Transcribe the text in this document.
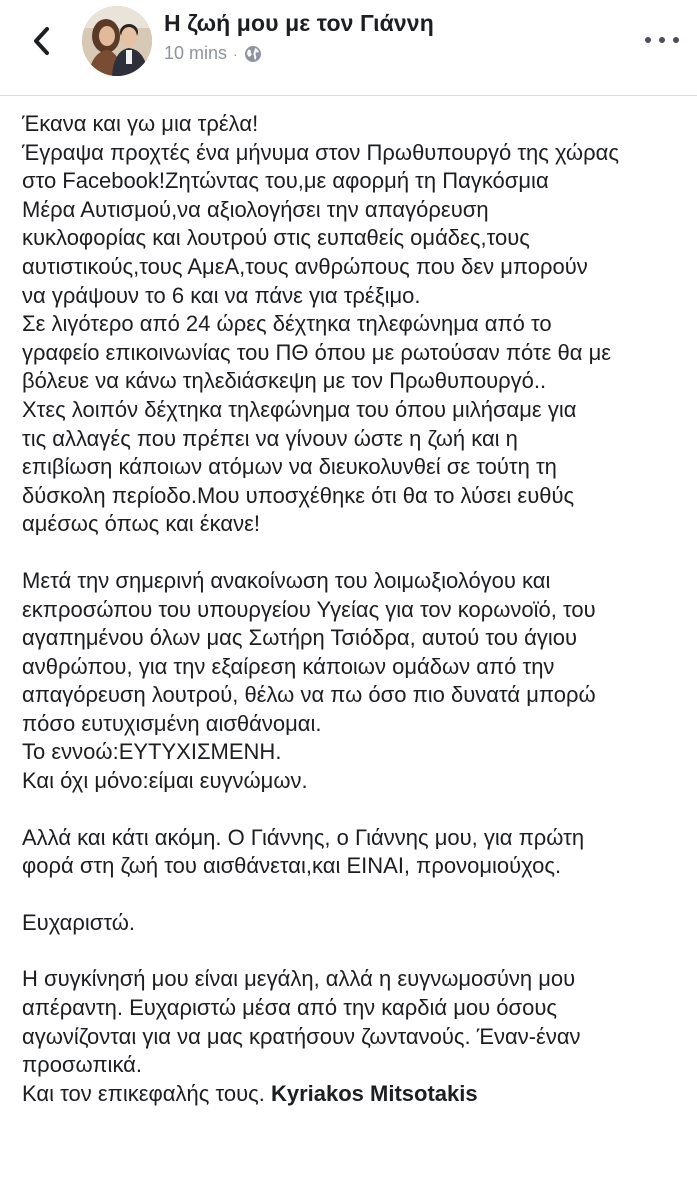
Η ζωή μου με τον Γιάννη
10 mins ·

Έκανα και γω μια τρέλα!
Έγραψα προχτές ένα μήνυμα στον Πρωθυπουργό της χώρας
στο Facebook!Ζητώντας του,με αφορμή τη Παγκόσμια
Μέρα Αυτισμού,να αξιολογήσει την απαγόρευση
κυκλοφορίας και λουτρού στις ευπαθείς ομάδες,τους
αυτιστικούς,τους ΑμεΑ,τους ανθρώπους που δεν μπορούν
να γράψουν το 6 και να πάνε για τρέξιμο.
Σε λιγότερο από 24 ώρες δέχτηκα τηλεφώνημα από το
γραφείο επικοινωνίας του ΠΘ όπου με ρωτούσαν πότε θα με
βόλευε να κάνω τηλεδιάσκεψη με τον Πρωθυπουργό..
Χτες λοιπόν δέχτηκα τηλεφώνημα του όπου μιλήσαμε για
τις αλλαγές που πρέπει να γίνουν ώστε η ζωή και η
επιβίωση κάποιων ατόμων να διευκολυνθεί σε τούτη τη
δύσκολη περίοδο.Μου υποσχέθηκε ότι θα το λύσει ευθύς
αμέσως όπως και έκανε!

Μετά την σημερινή ανακοίνωση του λοιμωξιολόγου και
εκπροσώπου του υπουργείου Υγείας για τον κορωνοϊό, του
αγαπημένου όλων μας Σωτήρη Τσιόδρα, αυτού του άγιου
ανθρώπου, για την εξαίρεση κάποιων ομάδων από την
απαγόρευση λουτρού, θέλω να πω όσο πιο δυνατά μπορώ
πόσο ευτυχισμένη αισθάνομαι.
Το εννοώ:ΕΥΤΥΧΙΣΜΕΝΗ.
Και όχι μόνο:είμαι ευγνώμων.

Αλλά και κάτι ακόμη. Ο Γιάννης, ο Γιάννης μου, για πρώτη
φορά στη ζωή του αισθάνεται,και ΕΙΝΑΙ, προνομιούχος.

Ευχαριστώ.

Η συγκίνησή μου είναι μεγάλη, αλλά η ευγνωμοσύνη μου
απέραντη. Ευχαριστώ μέσα από την καρδιά μου όσους
αγωνίζονται για να μας κρατήσουν ζωντανούς. Έναν-έναν
προσωπικά.

Και τον επικεφαλής τους. Kyriakos Mitsotakis
